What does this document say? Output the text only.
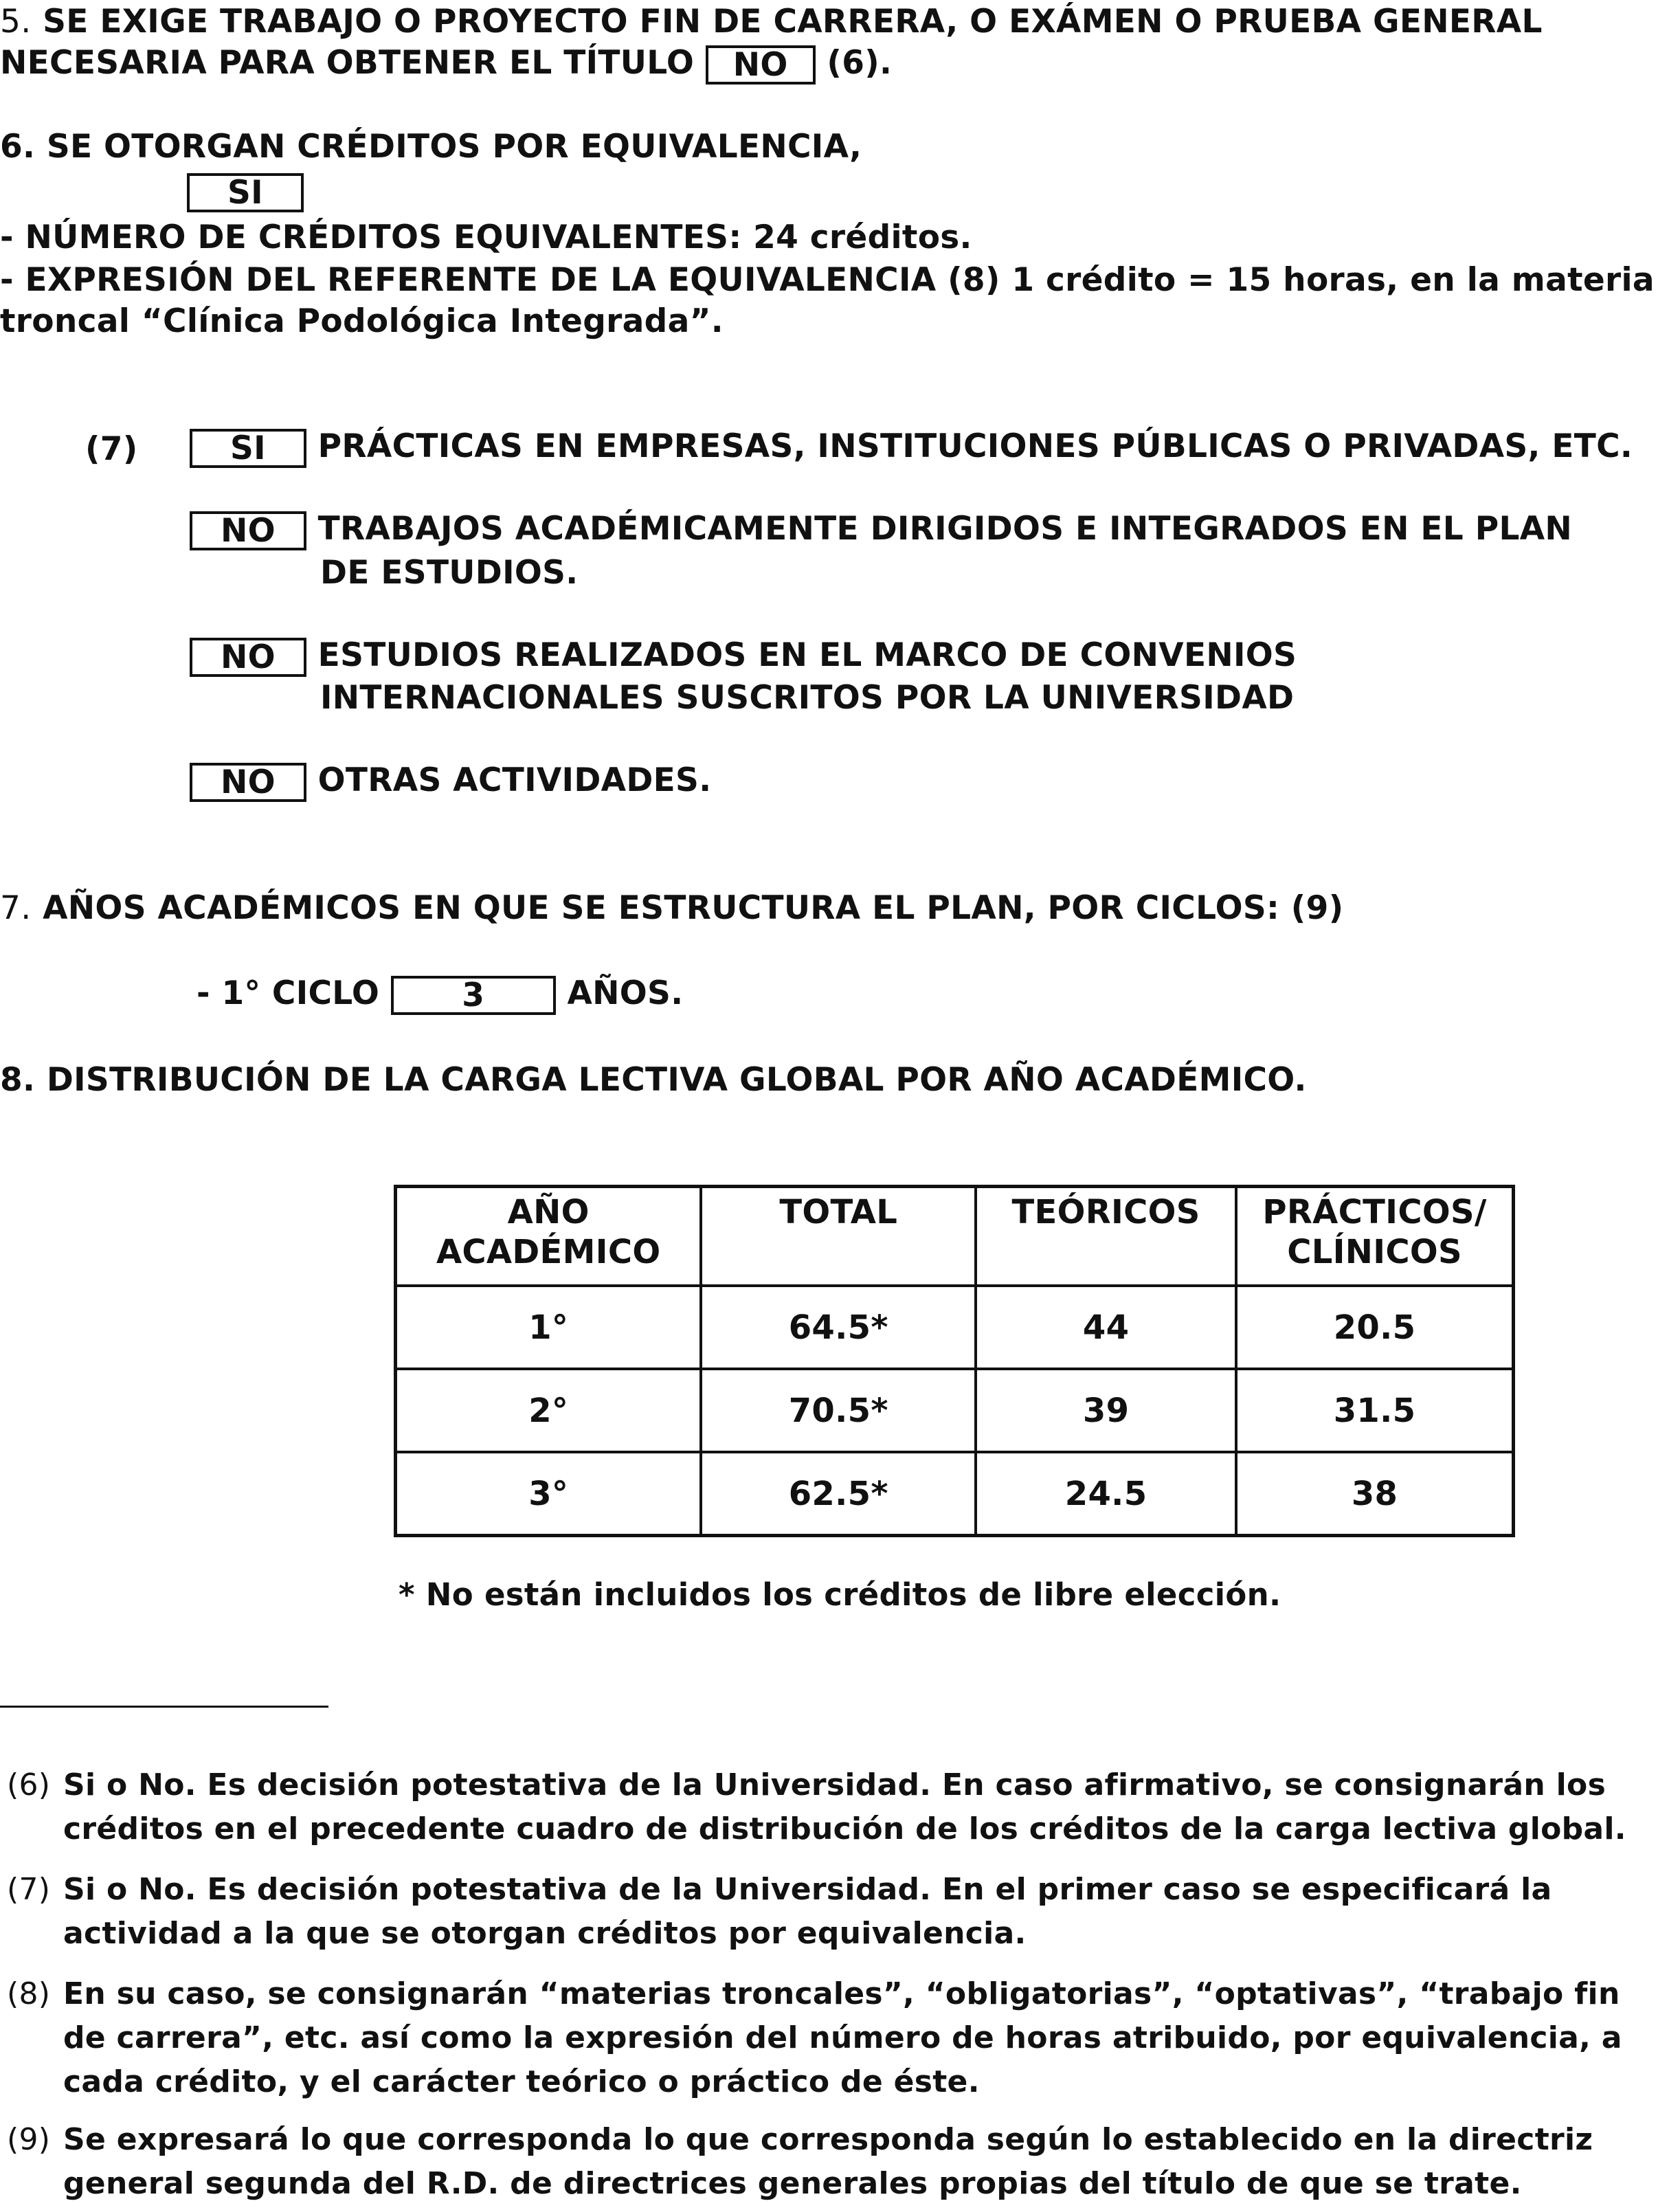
5. SE EXIGE TRABAJO O PROYECTO FIN DE CARRERA, O EXÁMEN O PRUEBA GENERAL
NECESARIA PARA OBTENER EL TÍTULO NO (6).
6. SE OTORGAN CRÉDITOS POR EQUIVALENCIA,
SI
- NÚMERO DE CRÉDITOS EQUIVALENTES: 24 créditos.
- EXPRESIÓN DEL REFERENTE DE LA EQUIVALENCIA (8) 1 crédito = 15 horas, en la materia
troncal “Clínica Podológica Integrada”.
(7)	SI PRÁCTICAS EN EMPRESAS, INSTITUCIONES PÚBLICAS O PRIVADAS, ETC.
NO TRABAJOS ACADÉMICAMENTE DIRIGIDOS E INTEGRADOS EN EL PLAN
DE ESTUDIOS.
NO ESTUDIOS REALIZADOS EN EL MARCO DE CONVENIOS
INTERNACIONALES SUSCRITOS POR LA UNIVERSIDAD
NO OTRAS ACTIVIDADES.
7. AÑOS ACADÉMICOS EN QUE SE ESTRUCTURA EL PLAN, POR CICLOS: (9)
- 1° CICLO	3	AÑOS.
8. DISTRIBUCIÓN DE LA CARGA LECTIVA GLOBAL POR AÑO ACADÉMICO.
AÑO
ACADÉMICO	TOTAL	TEÓRICOS	PRÁCTICOS/
CLÍNICOS
1°	64.5*	44	20.5
2°	70.5*	39	31.5
3°	62.5*	24.5	38
* No están incluidos los créditos de libre elección.
(6) Si o No. Es decisión potestativa de la Universidad. En caso afirmativo, se consignarán los créditos en el precedente cuadro de distribución de los créditos de la carga lectiva global.
(7) Si o No. Es decisión potestativa de la Universidad. En el primer caso se especificará la actividad a la que se otorgan créditos por equivalencia.
(8) En su caso, se consignarán “materias troncales”, “obligatorias”, “optativas”, “trabajo fin de carrera”, etc. así como la expresión del número de horas atribuido, por equivalencia, a cada crédito, y el carácter teórico o práctico de éste.
(9) Se expresará lo que corresponda lo que corresponda según lo establecido en la directriz general segunda del R.D. de directrices generales propias del título de que se trate.
